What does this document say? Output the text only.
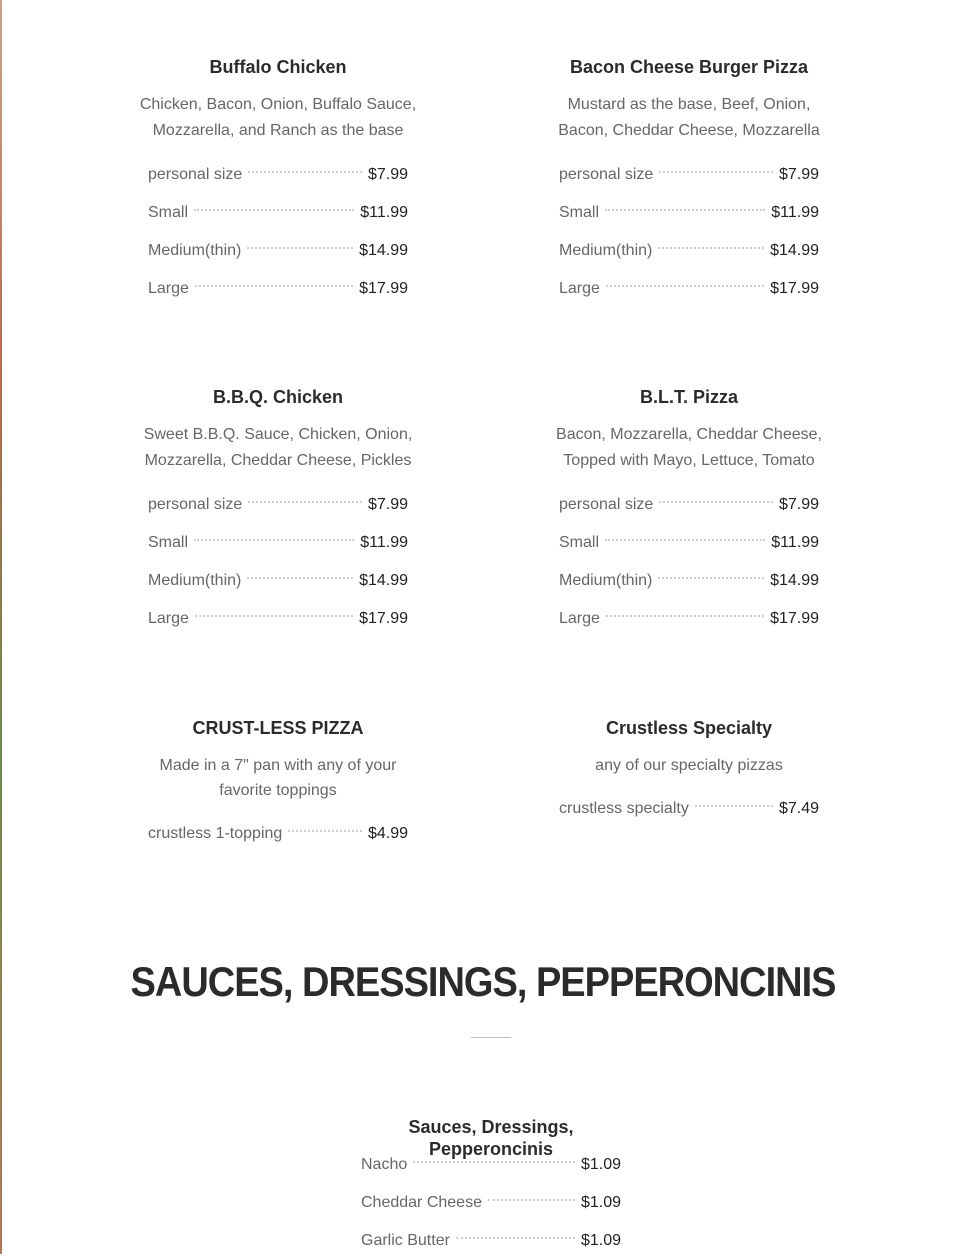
Buffalo Chicken

Chicken, Bacon, Onion, Buffalo Sauce, Mozzarella, and Ranch as the base

personal size	$7.99
Small	$11.99
Medium(thin)	$14.99
Large	$17.99
Bacon Cheese Burger Pizza

Mustard as the base, Beef, Onion, Bacon, Cheddar Cheese, Mozzarella

personal size	$7.99
Small	$11.99
Medium(thin)	$14.99
Large	$17.99
B.B.Q. Chicken

Sweet B.B.Q. Sauce, Chicken, Onion, Mozzarella, Cheddar Cheese, Pickles

personal size	$7.99
Small	$11.99
Medium(thin)	$14.99
Large	$17.99
B.L.T. Pizza

Bacon, Mozzarella, Cheddar Cheese, Topped with Mayo, Lettuce, Tomato

personal size	$7.99
Small	$11.99
Medium(thin)	$14.99
Large	$17.99
CRUST-LESS PIZZA

Made in a 7" pan with any of your favorite toppings

crustless 1-topping	$4.99
Crustless Specialty

any of our specialty pizzas

crustless specialty	$7.49
SAUCES, DRESSINGS, PEPPERONCINIS
Sauces, Dressings, Pepperoncinis
Nacho	$1.09
Cheddar Cheese	$1.09
Garlic Butter	$1.09
